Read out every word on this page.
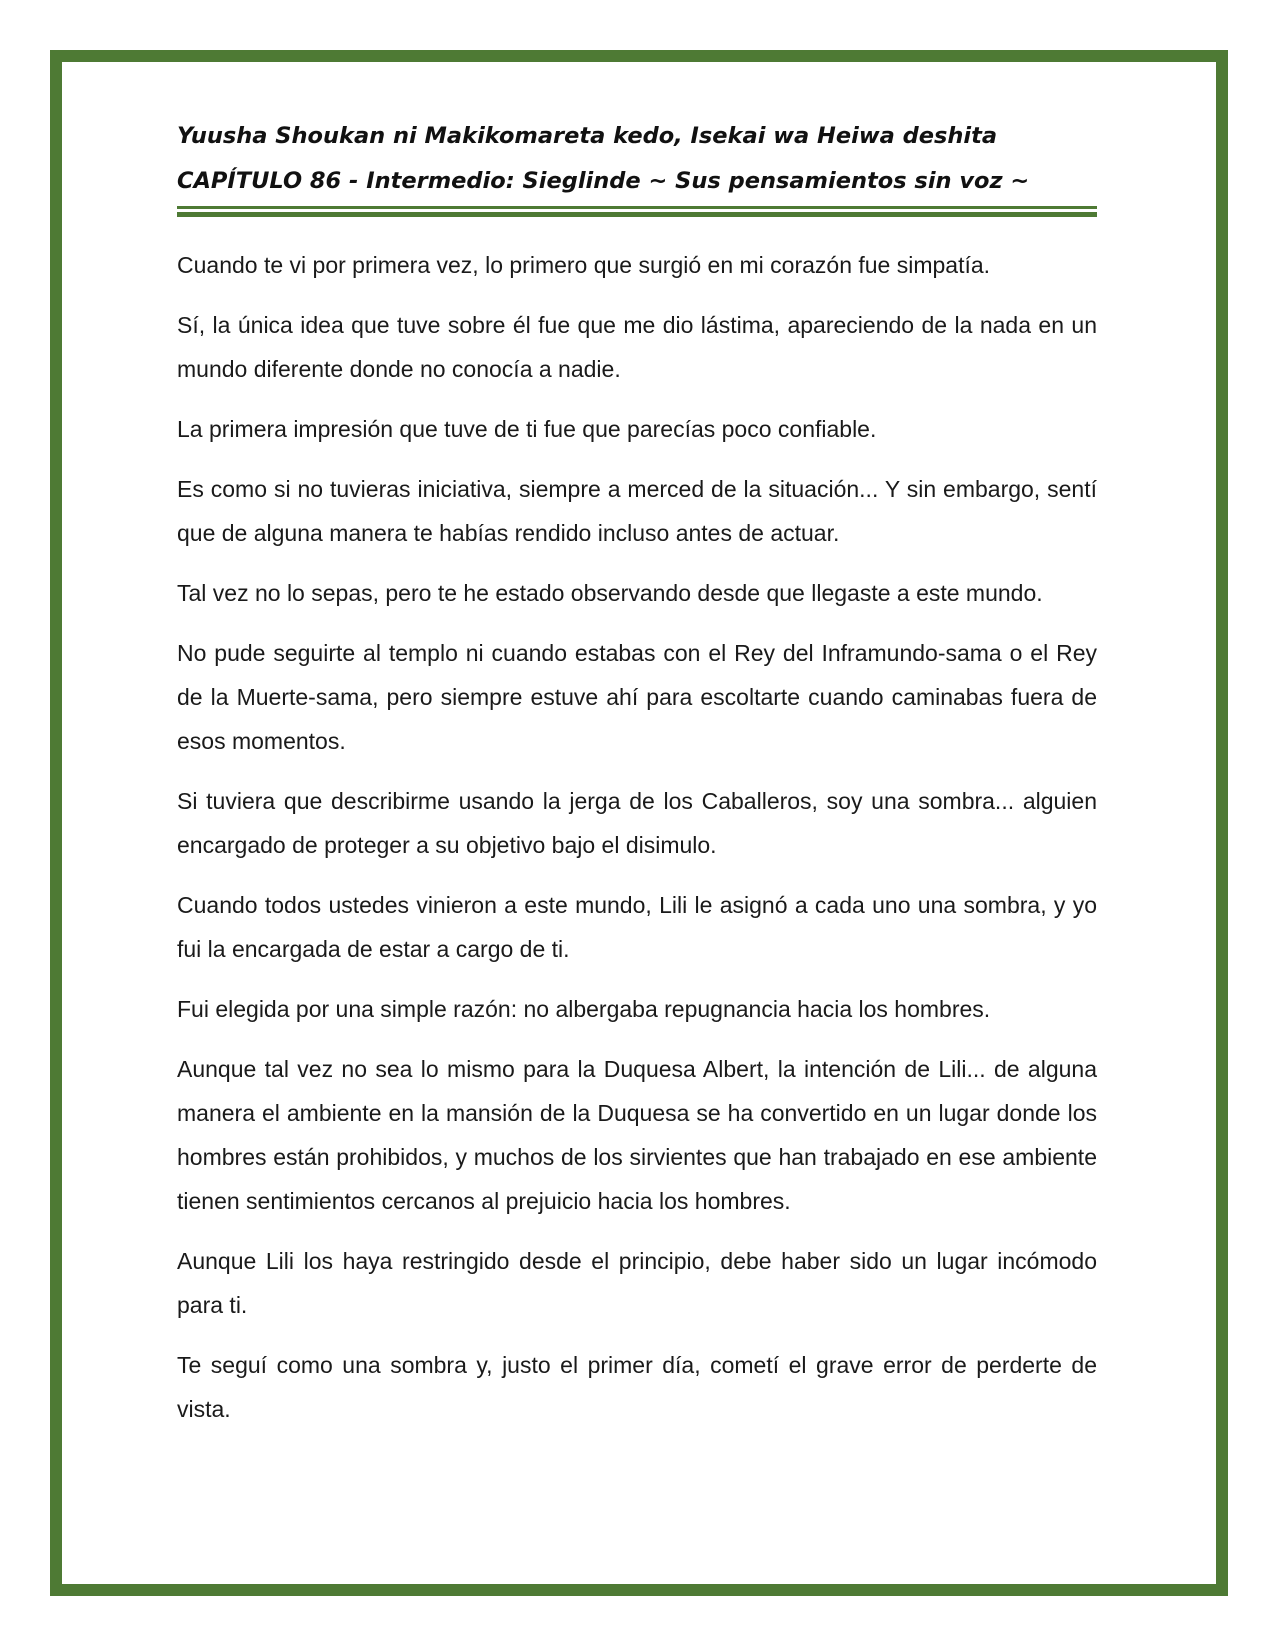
Yuusha Shoukan ni Makikomareta kedo, Isekai wa Heiwa deshita
CAPÍTULO 86 - Intermedio: Sieglinde ~ Sus pensamientos sin voz ~

Cuando te vi por primera vez, lo primero que surgió en mi corazón fue simpatía.

Sí, la única idea que tuve sobre él fue que me dio lástima, apareciendo de la nada en un mundo diferente donde no conocía a nadie.

La primera impresión que tuve de ti fue que parecías poco confiable.

Es como si no tuvieras iniciativa, siempre a merced de la situación... Y sin embargo, sentí que de alguna manera te habías rendido incluso antes de actuar.

Tal vez no lo sepas, pero te he estado observando desde que llegaste a este mundo.

No pude seguirte al templo ni cuando estabas con el Rey del Inframundo-sama o el Rey de la Muerte-sama, pero siempre estuve ahí para escoltarte cuando caminabas fuera de esos momentos.

Si tuviera que describirme usando la jerga de los Caballeros, soy una sombra... alguien encargado de proteger a su objetivo bajo el disimulo.

Cuando todos ustedes vinieron a este mundo, Lili le asignó a cada uno una sombra, y yo fui la encargada de estar a cargo de ti.

Fui elegida por una simple razón: no albergaba repugnancia hacia los hombres.

Aunque tal vez no sea lo mismo para la Duquesa Albert, la intención de Lili... de alguna manera el ambiente en la mansión de la Duquesa se ha convertido en un lugar donde los hombres están prohibidos, y muchos de los sirvientes que han trabajado en ese ambiente tienen sentimientos cercanos al prejuicio hacia los hombres.

Aunque Lili los haya restringido desde el principio, debe haber sido un lugar incómodo para ti.

Te seguí como una sombra y, justo el primer día, cometí el grave error de perderte de vista.
